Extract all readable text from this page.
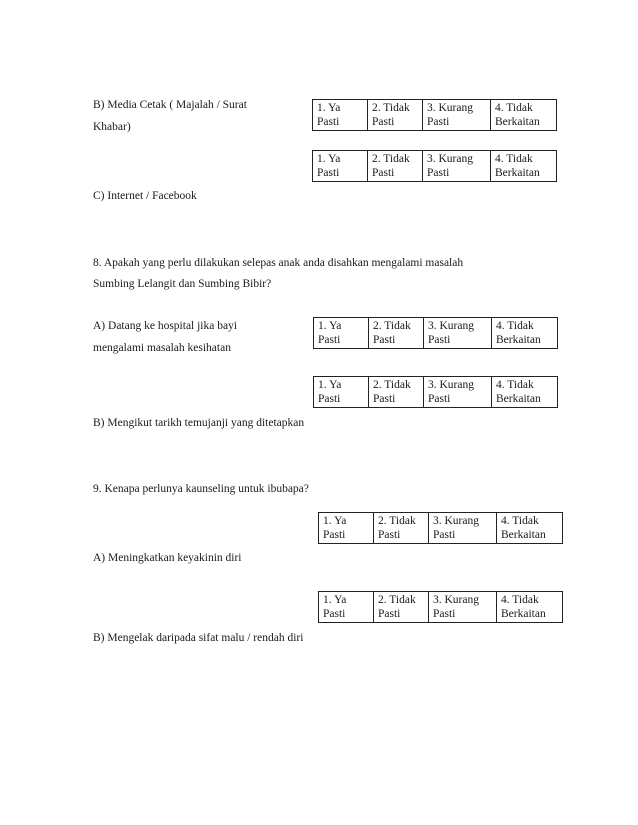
B) Media Cetak ( Majalah / Surat
Khabar)
1. Ya
Pasti

2. Tidak
Pasti

3. Kurang
Pasti

4. Tidak
Berkaitan
1. Ya
Pasti

2. Tidak
Pasti

3. Kurang
Pasti

4. Tidak
Berkaitan
C) Internet / Facebook
8. Apakah yang perlu dilakukan selepas anak anda disahkan mengalami masalah
Sumbing Lelangit dan Sumbing Bibir?
A) Datang ke hospital jika bayi
mengalami masalah kesihatan
1. Ya
Pasti

2. Tidak
Pasti

3. Kurang
Pasti

4. Tidak
Berkaitan
1. Ya
Pasti

2. Tidak
Pasti

3. Kurang
Pasti

4. Tidak
Berkaitan
B) Mengikut tarikh temujanji yang ditetapkan
9. Kenapa perlunya kaunseling untuk ibubapa?
1. Ya
Pasti

2. Tidak
Pasti

3. Kurang
Pasti

4. Tidak
Berkaitan
A) Meningkatkan keyakinin diri
1. Ya
Pasti

2. Tidak
Pasti

3. Kurang
Pasti

4. Tidak
Berkaitan
B) Mengelak daripada sifat malu / rendah diri
